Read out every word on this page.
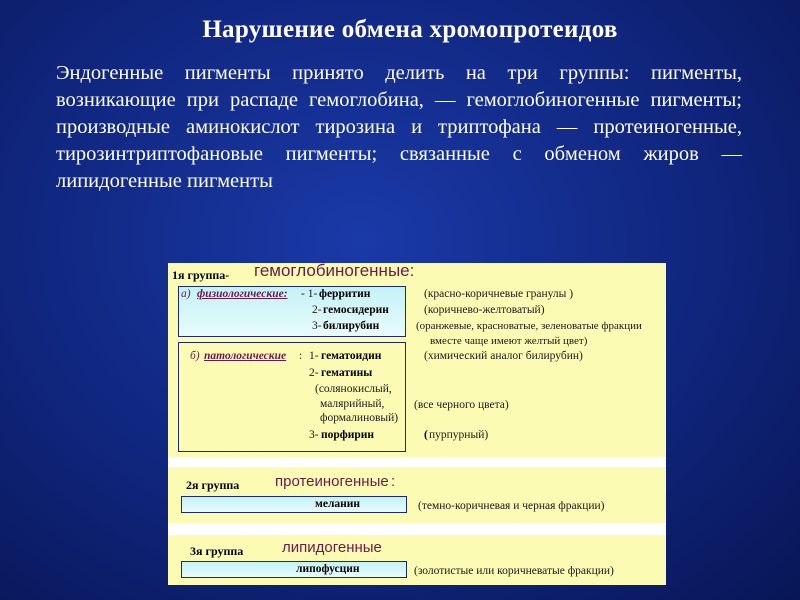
Нарушение обмена хромопротеидов
Эндогенные пигменты принято делить на три группы: пигменты, возникающие при распаде гемоглобина, — гемоглобиногенные пигменты; производные аминокислот тирозина и триптофана — протеиногенные, тирозинтриптофановые пигменты; связанные с обменом жиров — липидогенные пигменты
1я группа- гемоглобиногенные:
а) физиологические: - 1- ферритин	(красно-коричневые гранулы )
2- гемосидерин	(коричнево-желтоватый)
3- билирубин	(оранжевые, красноватые, зеленоватые фракции
вместе чаще имеют желтый цвет)
б) патологические : 1- гематоидин	(химический аналог билирубин)
2- гематины
(солянокислый,
малярийный,
формалиновый)
(все черного цвета)
3- порфирин	( пурпурный)
2я группа протеиногенные :
меланин	(темно-коричневая и черная фракции)
3я группа	липидогенные
липофусцин	(золотистые или коричневатые фракции)
